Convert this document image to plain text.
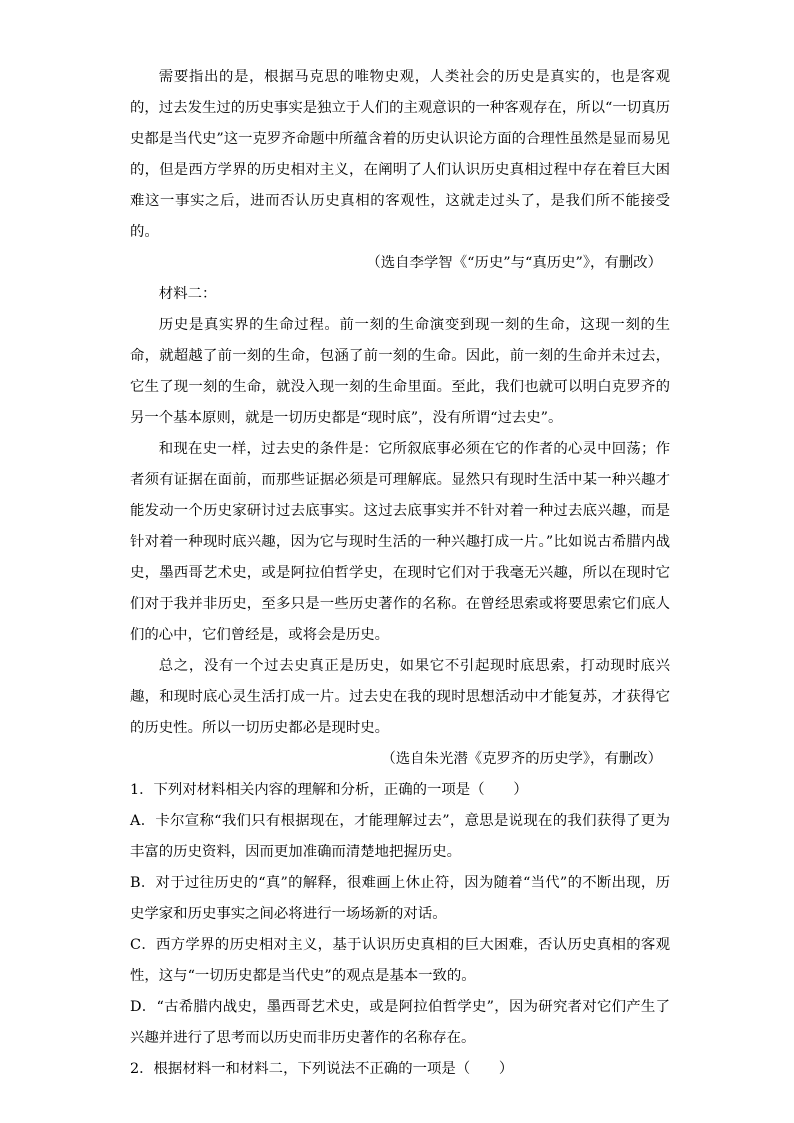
需要指出的是，根据马克思的唯物史观，人类社会的历史是真实的，也是客观的，过去发生过的历史事实是独立于人们的主观意识的一种客观存在，所以“一切真历史都是当代史”这一克罗齐命题中所蕴含着的历史认识论方面的合理性虽然是显而易见的，但是西方学界的历史相对主义，在阐明了人们认识历史真相过程中存在着巨大困难这一事实之后，进而否认历史真相的客观性，这就走过头了，是我们所不能接受的。

（选自李学智《“历史”与“真历史”》，有删改）

材料二：

历史是真实界的生命过程。前一刻的生命演变到现一刻的生命，这现一刻的生命，就超越了前一刻的生命，包涵了前一刻的生命。因此，前一刻的生命并未过去，它生了现一刻的生命，就没入现一刻的生命里面。至此，我们也就可以明白克罗齐的另一个基本原则，就是一切历史都是“现时底”，没有所谓“过去史”。

和现在史一样，过去史的条件是：它所叙底事必须在它的作者的心灵中回荡；作者须有证据在面前，而那些证据必须是可理解底。显然只有现时生活中某一种兴趣才能发动一个历史家研讨过去底事实。这过去底事实并不针对着一种过去底兴趣，而是针对着一种现时底兴趣，因为它与现时生活的一种兴趣打成一片。”比如说古希腊内战史，墨西哥艺术史，或是阿拉伯哲学史，在现时它们对于我毫无兴趣，所以在现时它们对于我并非历史，至多只是一些历史著作的名称。在曾经思索或将要思索它们底人们的心中，它们曾经是，或将会是历史。

总之，没有一个过去史真正是历史，如果它不引起现时底思索，打动现时底兴趣，和现时底心灵生活打成一片。过去史在我的现时思想活动中才能复苏，才获得它的历史性。所以一切历史都必是现时史。

（选自朱光潜《克罗齐的历史学》，有删改）

1．下列对材料相关内容的理解和分析，正确的一项是（　　）

A．卡尔宣称“我们只有根据现在，才能理解过去”，意思是说现在的我们获得了更为丰富的历史资料，因而更加准确而清楚地把握历史。

B．对于过往历史的“真”的解释，很难画上休止符，因为随着“当代”的不断出现，历史学家和历史事实之间必将进行一场场新的对话。

C．西方学界的历史相对主义，基于认识历史真相的巨大困难，否认历史真相的客观性，这与“一切历史都是当代史”的观点是基本一致的。

D．“古希腊内战史，墨西哥艺术史，或是阿拉伯哲学史”，因为研究者对它们产生了兴趣并进行了思考而以历史而非历史著作的名称存在。

2．根据材料一和材料二，下列说法不正确的一项是（　　）
